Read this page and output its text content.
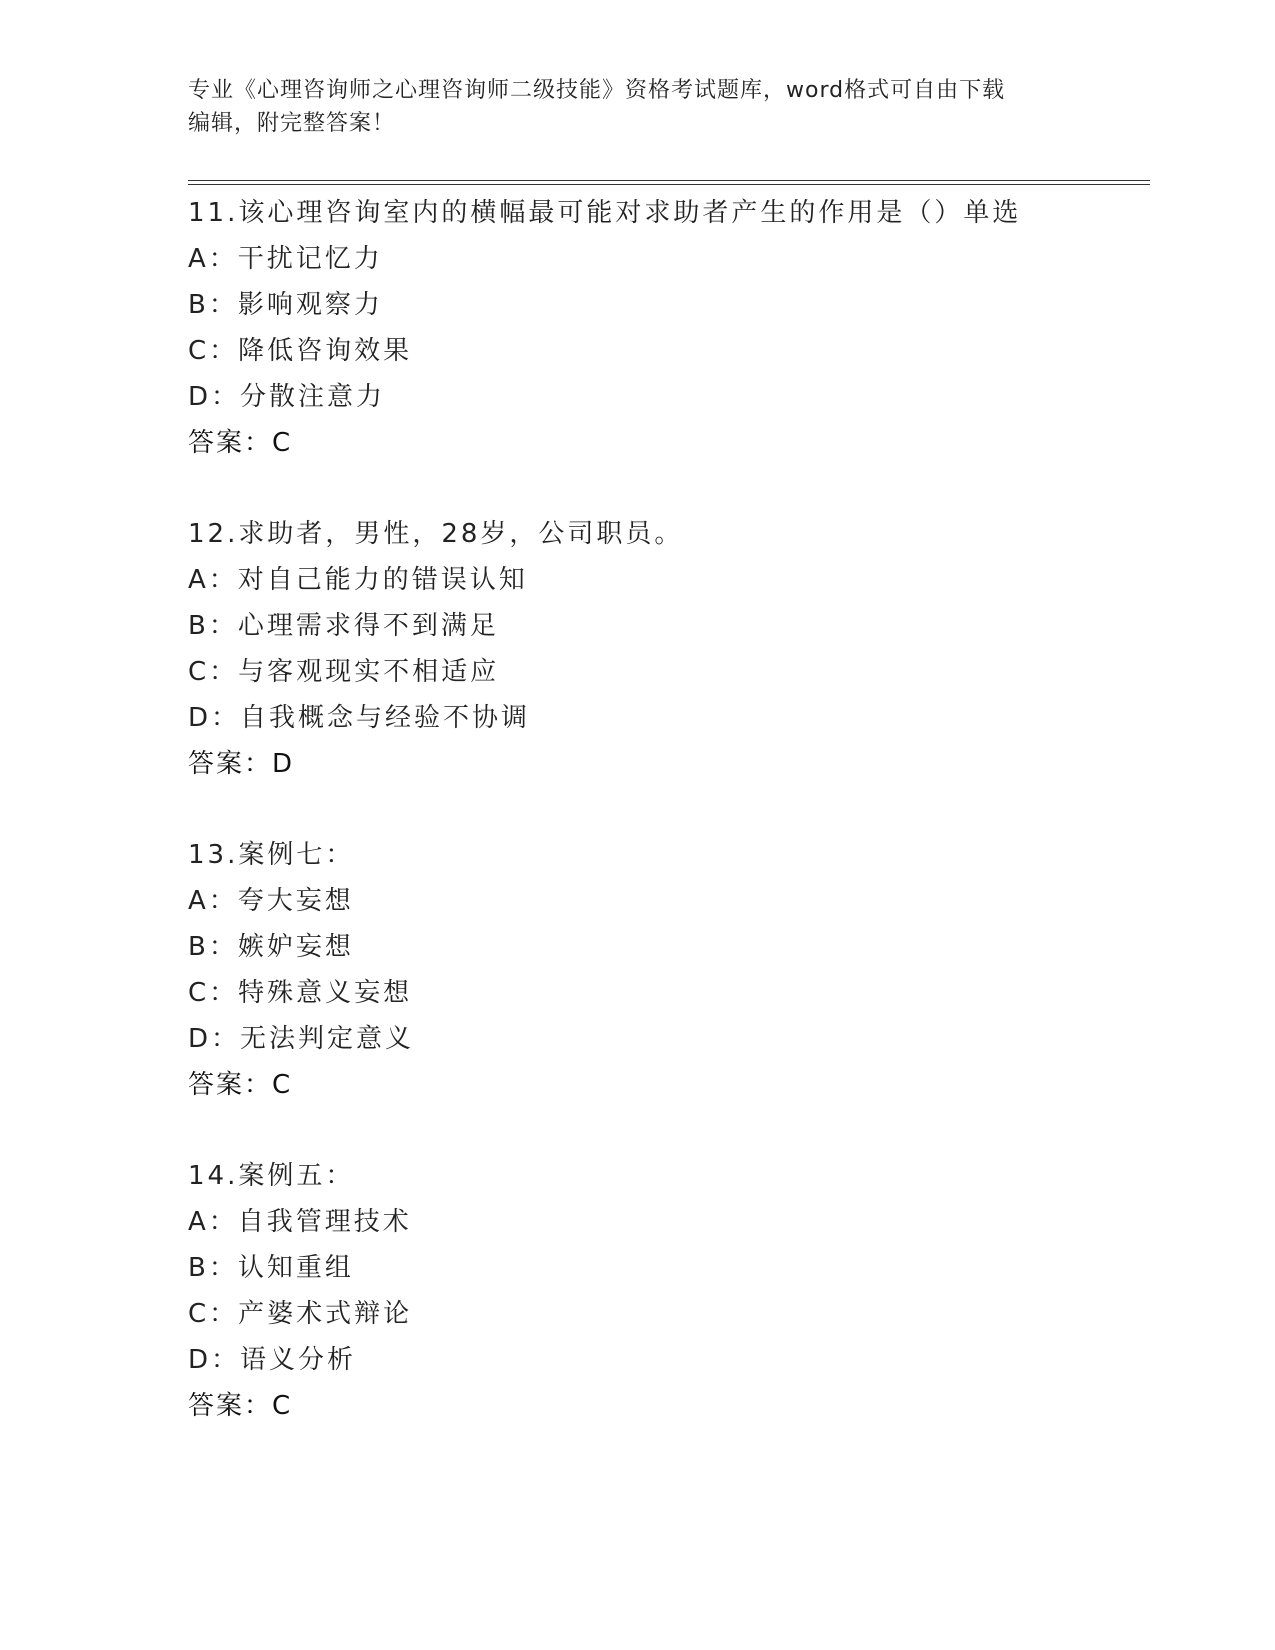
专业《心理咨询师之心理咨询师二级技能》资格考试题库，word格式可自由下载
编辑，附完整答案！
11.该心理咨询室内的横幅最可能对求助者产生的作用是（）单选
A：干扰记忆力
B：影响观察力
C：降低咨询效果
D：分散注意力
答案：C
12.求助者，男性，28岁，公司职员。
A：对自己能力的错误认知
B：心理需求得不到满足
C：与客观现实不相适应
D：自我概念与经验不协调
答案：D
13.案例七：
A：夸大妄想
B：嫉妒妄想
C：特殊意义妄想
D：无法判定意义
答案：C
14.案例五：
A：自我管理技术
B：认知重组
C：产婆术式辩论
D：语义分析
答案：C
